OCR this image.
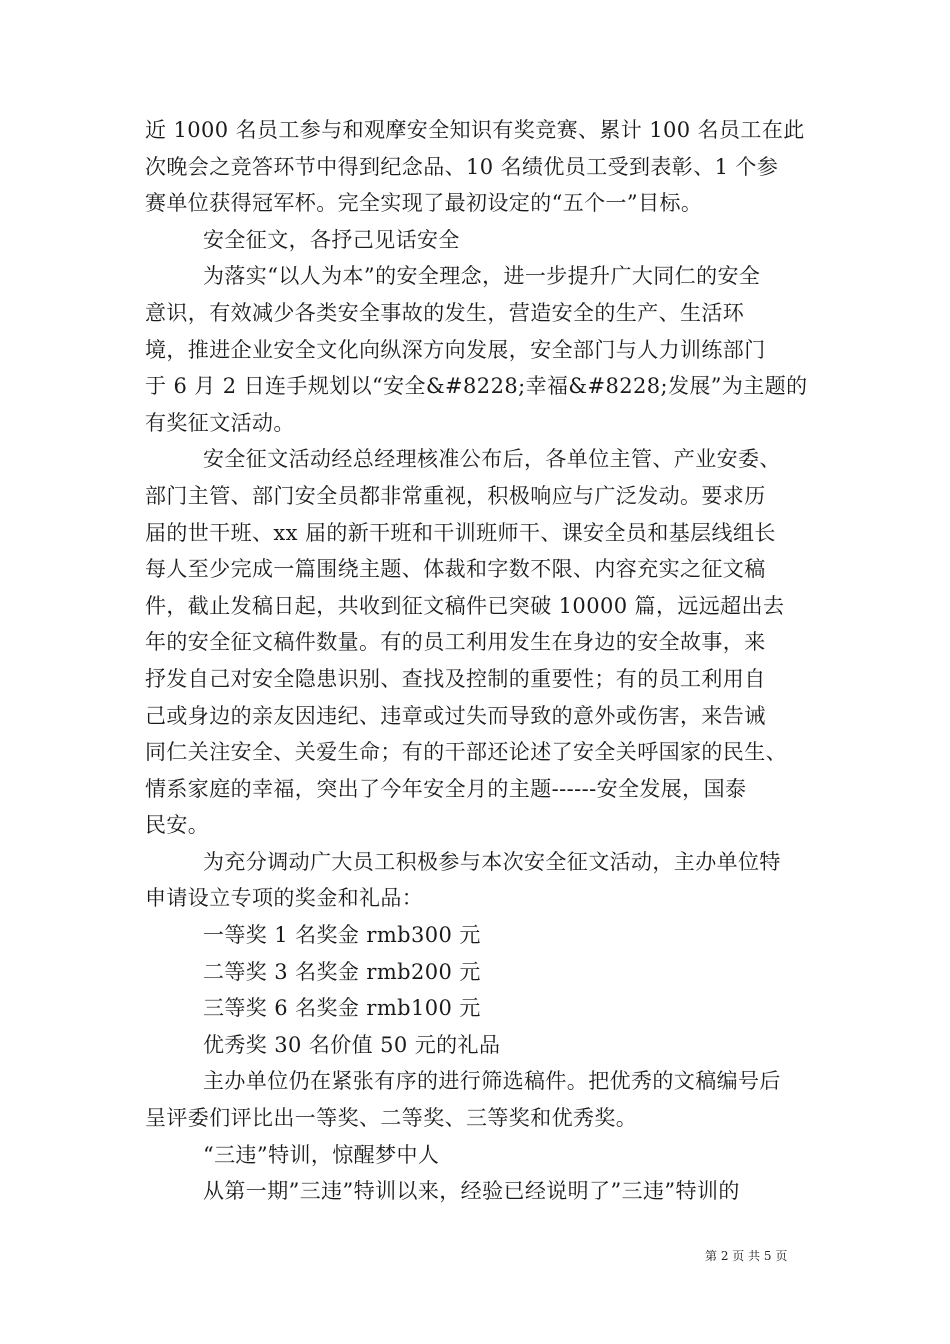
近 1000 名员工参与和观摩安全知识有奖竞赛、累计 100 名员工在此
次晚会之竞答环节中得到纪念品、10 名绩优员工受到表彰、1 个参
赛单位获得冠军杯。完全实现了最初设定的“五个一”目标。
安全征文，各抒己见话安全
为落实“以人为本”的安全理念，进一步提升广大同仁的安全
意识，有效减少各类安全事故的发生，营造安全的生产、生活环
境，推进企业安全文化向纵深方向发展，安全部门与人力训练部门
于 6 月 2 日连手规划以“安全&#8228;幸福&#8228;发展”为主题的
有奖征文活动。
安全征文活动经总经理核准公布后，各单位主管、产业安委、
部门主管、部门安全员都非常重视，积极响应与广泛发动。要求历
届的世干班、xx 届的新干班和干训班师干、课安全员和基层线组长
每人至少完成一篇围绕主题、体裁和字数不限、内容充实之征文稿
件，截止发稿日起，共收到征文稿件已突破 10000 篇，远远超出去
年的安全征文稿件数量。有的员工利用发生在身边的安全故事，来
抒发自己对安全隐患识别、查找及控制的重要性；有的员工利用自
己或身边的亲友因违纪、违章或过失而导致的意外或伤害，来告诫
同仁关注安全、关爱生命；有的干部还论述了安全关呼国家的民生、
情系家庭的幸福，突出了今年安全月的主题------安全发展，国泰
民安。
为充分调动广大员工积极参与本次安全征文活动，主办单位特
申请设立专项的奖金和礼品：
一等奖 1 名奖金 rmb300 元
二等奖 3 名奖金 rmb200 元
三等奖 6 名奖金 rmb100 元
优秀奖 30 名价值 50 元的礼品
主办单位仍在紧张有序的进行筛选稿件。把优秀的文稿编号后
呈评委们评比出一等奖、二等奖、三等奖和优秀奖。
“三违”特训，惊醒梦中人
从第一期”三违”特训以来，经验已经说明了”三违”特训的
第 2 页 共 5 页
